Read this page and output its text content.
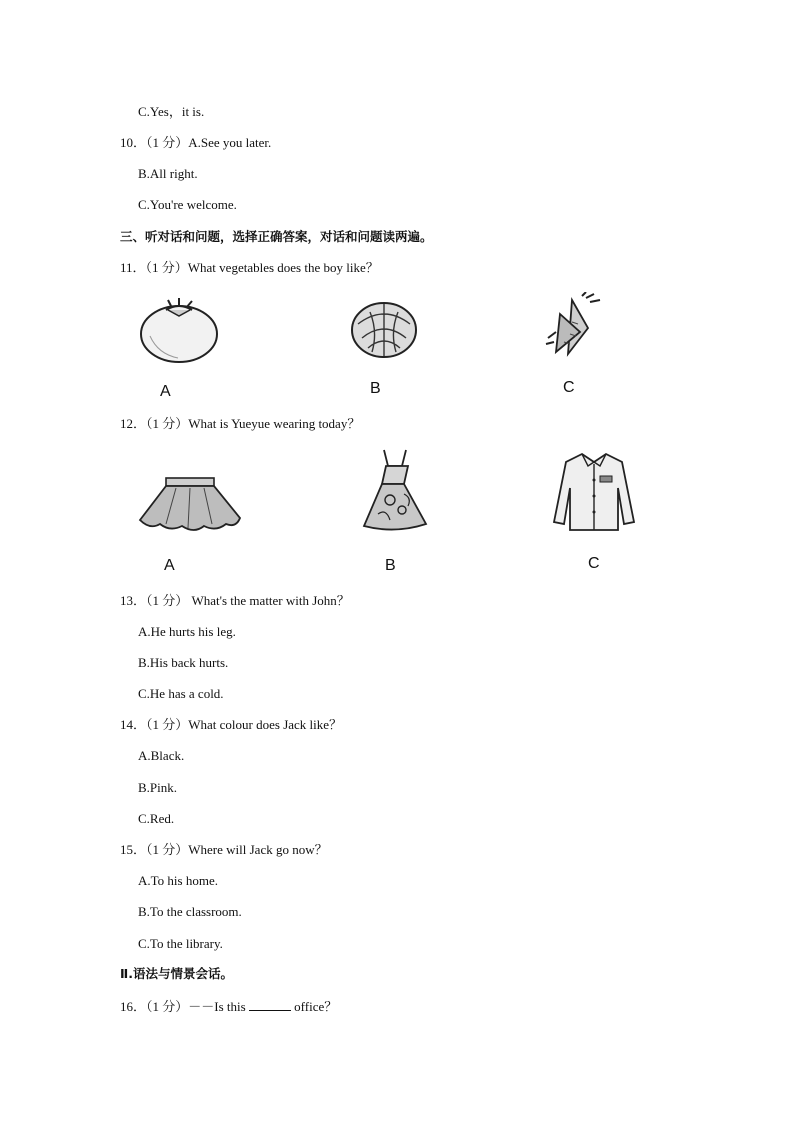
C.Yes，it is.
10．（1 分）A.See you later.
B.All right.
C.You're welcome.
三、听对话和问题，选择正确答案，对话和问题读两遍。
11．（1 分）What vegetables does the boy like？
A	B	C
12．（1 分）What is Yueyue wearing today？
A	B	C
13．（1 分） What's the matter with John？
A.He hurts his leg.
B.His back hurts.
C.He has a cold.
14．（1 分）What colour does Jack like？
A.Black.
B.Pink.
C.Red.
15．（1 分）Where will Jack go now？
A.To his home.
B.To the classroom.
C.To the library.
Ⅱ.语法与情景会话。
16．（1 分）－－Is this	office？
